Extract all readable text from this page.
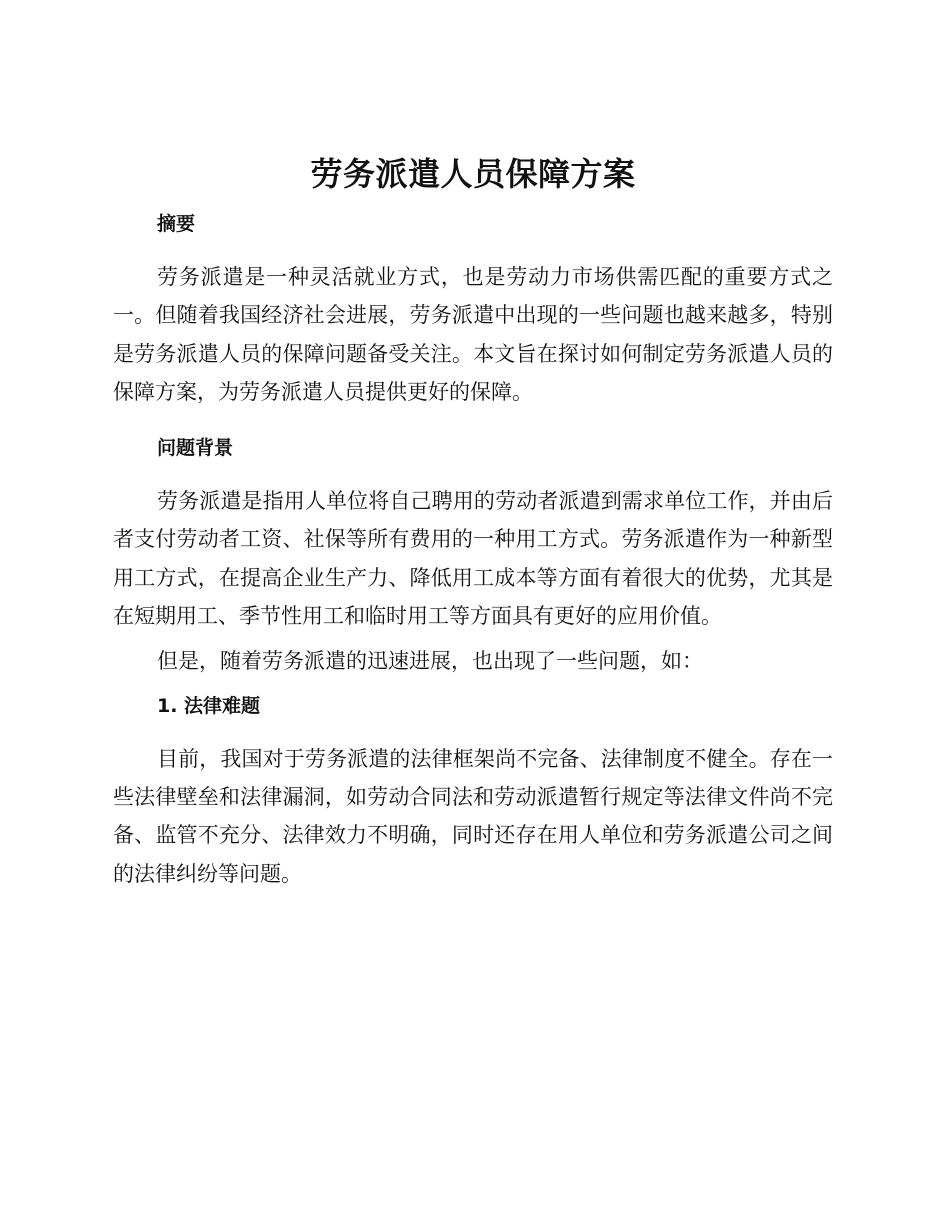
劳务派遣人员保障方案
摘要

劳务派遣是一种灵活就业方式，也是劳动力市场供需匹配的重要方式之一。但随着我国经济社会进展，劳务派遣中出现的一些问题也越来越多，特别是劳务派遣人员的保障问题备受关注。本文旨在探讨如何制定劳务派遣人员的保障方案，为劳务派遣人员提供更好的保障。

问题背景

劳务派遣是指用人单位将自己聘用的劳动者派遣到需求单位工作，并由后者支付劳动者工资、社保等所有费用的一种用工方式。劳务派遣作为一种新型用工方式，在提高企业生产力、降低用工成本等方面有着很大的优势，尤其是在短期用工、季节性用工和临时用工等方面具有更好的应用价值。

但是，随着劳务派遣的迅速进展，也出现了一些问题，如：

1. 法律难题

目前，我国对于劳务派遣的法律框架尚不完备、法律制度不健全。存在一些法律壁垒和法律漏洞，如劳动合同法和劳动派遣暂行规定等法律文件尚不完备、监管不充分、法律效力不明确，同时还存在用人单位和劳务派遣公司之间的法律纠纷等问题。
